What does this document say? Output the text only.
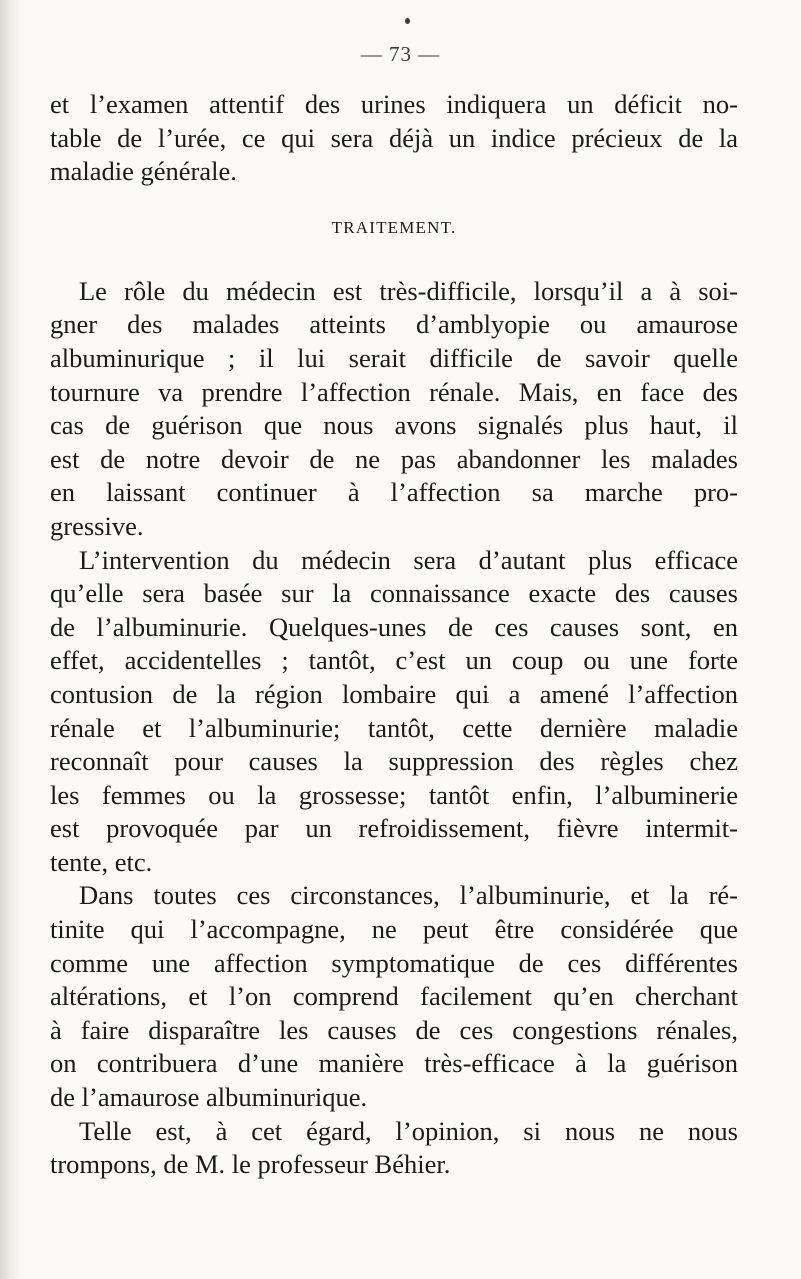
— 73 —
et l’examen attentif des urines indiquera un déficit no-
table de l’urée, ce qui sera déjà un indice précieux de la
maladie générale.
TRAITEMENT.
Le rôle du médecin est très-difficile, lorsqu’il a à soi-
gner des malades atteints d’amblyopie ou amaurose
albuminurique ; il lui serait difficile de savoir quelle
tournure va prendre l’affection rénale. Mais, en face des
cas de guérison que nous avons signalés plus haut, il
est de notre devoir de ne pas abandonner les malades
en laissant continuer à l’affection sa marche pro-
gressive.
L’intervention du médecin sera d’autant plus efficace
qu’elle sera basée sur la connaissance exacte des causes
de l’albuminurie. Quelques-unes de ces causes sont, en
effet, accidentelles ; tantôt, c’est un coup ou une forte
contusion de la région lombaire qui a amené l’affection
rénale et l’albuminurie; tantôt, cette dernière maladie
reconnaît pour causes la suppression des règles chez
les femmes ou la grossesse; tantôt enfin, l’albuminerie
est provoquée par un refroidissement, fièvre intermit-
tente, etc.
Dans toutes ces circonstances, l’albuminurie, et la ré-
tinite qui l’accompagne, ne peut être considérée que
comme une affection symptomatique de ces différentes
altérations, et l’on comprend facilement qu’en cherchant
à faire disparaître les causes de ces congestions rénales,
on contribuera d’une manière très-efficace à la guérison
de l’amaurose albuminurique.
Telle est, à cet égard, l’opinion, si nous ne nous
trompons, de M. le professeur Béhier.
